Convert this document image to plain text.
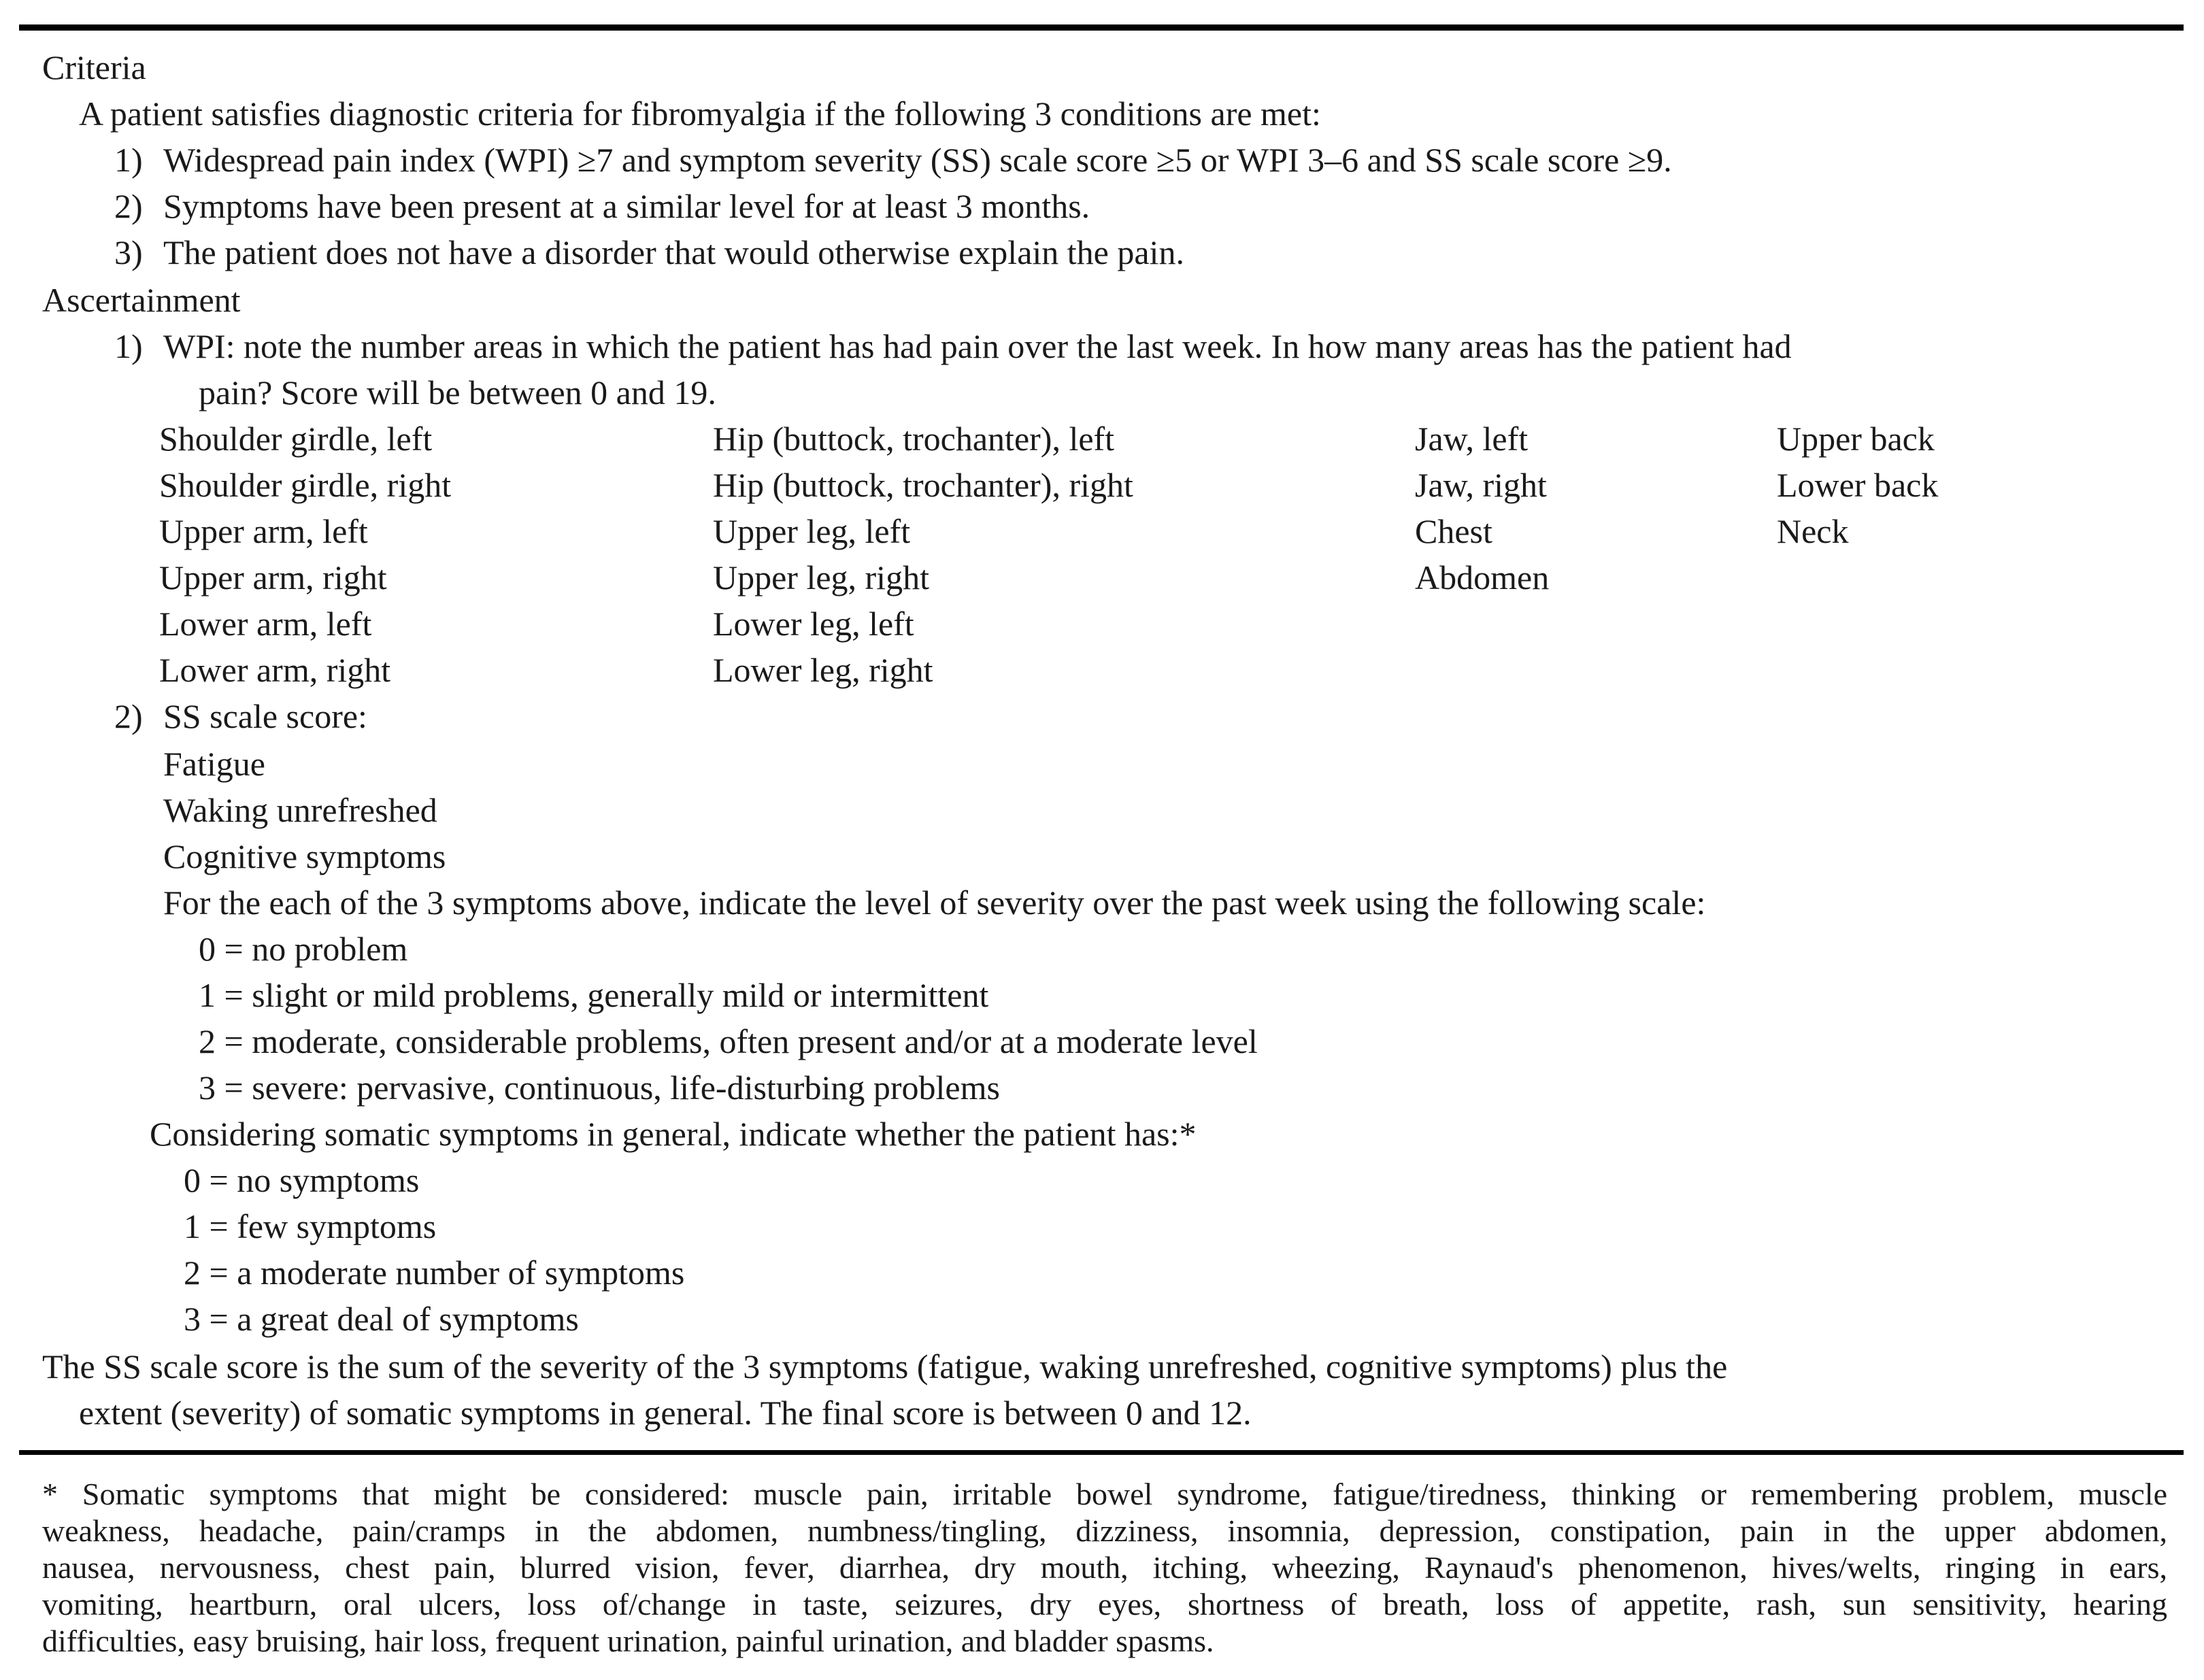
Criteria
A patient satisfies diagnostic criteria for fibromyalgia if the following 3 conditions are met:
1) Widespread pain index (WPI) ≥7 and symptom severity (SS) scale score ≥5 or WPI 3–6 and SS scale score ≥9.
2) Symptoms have been present at a similar level for at least 3 months.
3) The patient does not have a disorder that would otherwise explain the pain.
Ascertainment
1) WPI: note the number areas in which the patient has had pain over the last week. In how many areas has the patient had
pain? Score will be between 0 and 19.
Shoulder girdle, left
Shoulder girdle, right
Upper arm, left
Upper arm, right
Lower arm, left
Lower arm, right
Hip (buttock, trochanter), left
Hip (buttock, trochanter), right
Upper leg, left
Upper leg, right
Lower leg, left
Lower leg, right
Jaw, left
Jaw, right
Chest
Abdomen
Upper back
Lower back
Neck
2) SS scale score:
Fatigue
Waking unrefreshed
Cognitive symptoms
For the each of the 3 symptoms above, indicate the level of severity over the past week using the following scale:
0 = no problem
1 = slight or mild problems, generally mild or intermittent
2 = moderate, considerable problems, often present and/or at a moderate level
3 = severe: pervasive, continuous, life-disturbing problems
Considering somatic symptoms in general, indicate whether the patient has:*
0 = no symptoms
1 = few symptoms
2 = a moderate number of symptoms
3 = a great deal of symptoms
The SS scale score is the sum of the severity of the 3 symptoms (fatigue, waking unrefreshed, cognitive symptoms) plus the
extent (severity) of somatic symptoms in general. The final score is between 0 and 12.
* Somatic symptoms that might be considered: muscle pain, irritable bowel syndrome, fatigue/tiredness, thinking or remembering problem, muscle
weakness, headache, pain/cramps in the abdomen, numbness/tingling, dizziness, insomnia, depression, constipation, pain in the upper abdomen,
nausea, nervousness, chest pain, blurred vision, fever, diarrhea, dry mouth, itching, wheezing, Raynaud's phenomenon, hives/welts, ringing in ears,
vomiting, heartburn, oral ulcers, loss of/change in taste, seizures, dry eyes, shortness of breath, loss of appetite, rash, sun sensitivity, hearing
difficulties, easy bruising, hair loss, frequent urination, painful urination, and bladder spasms.
